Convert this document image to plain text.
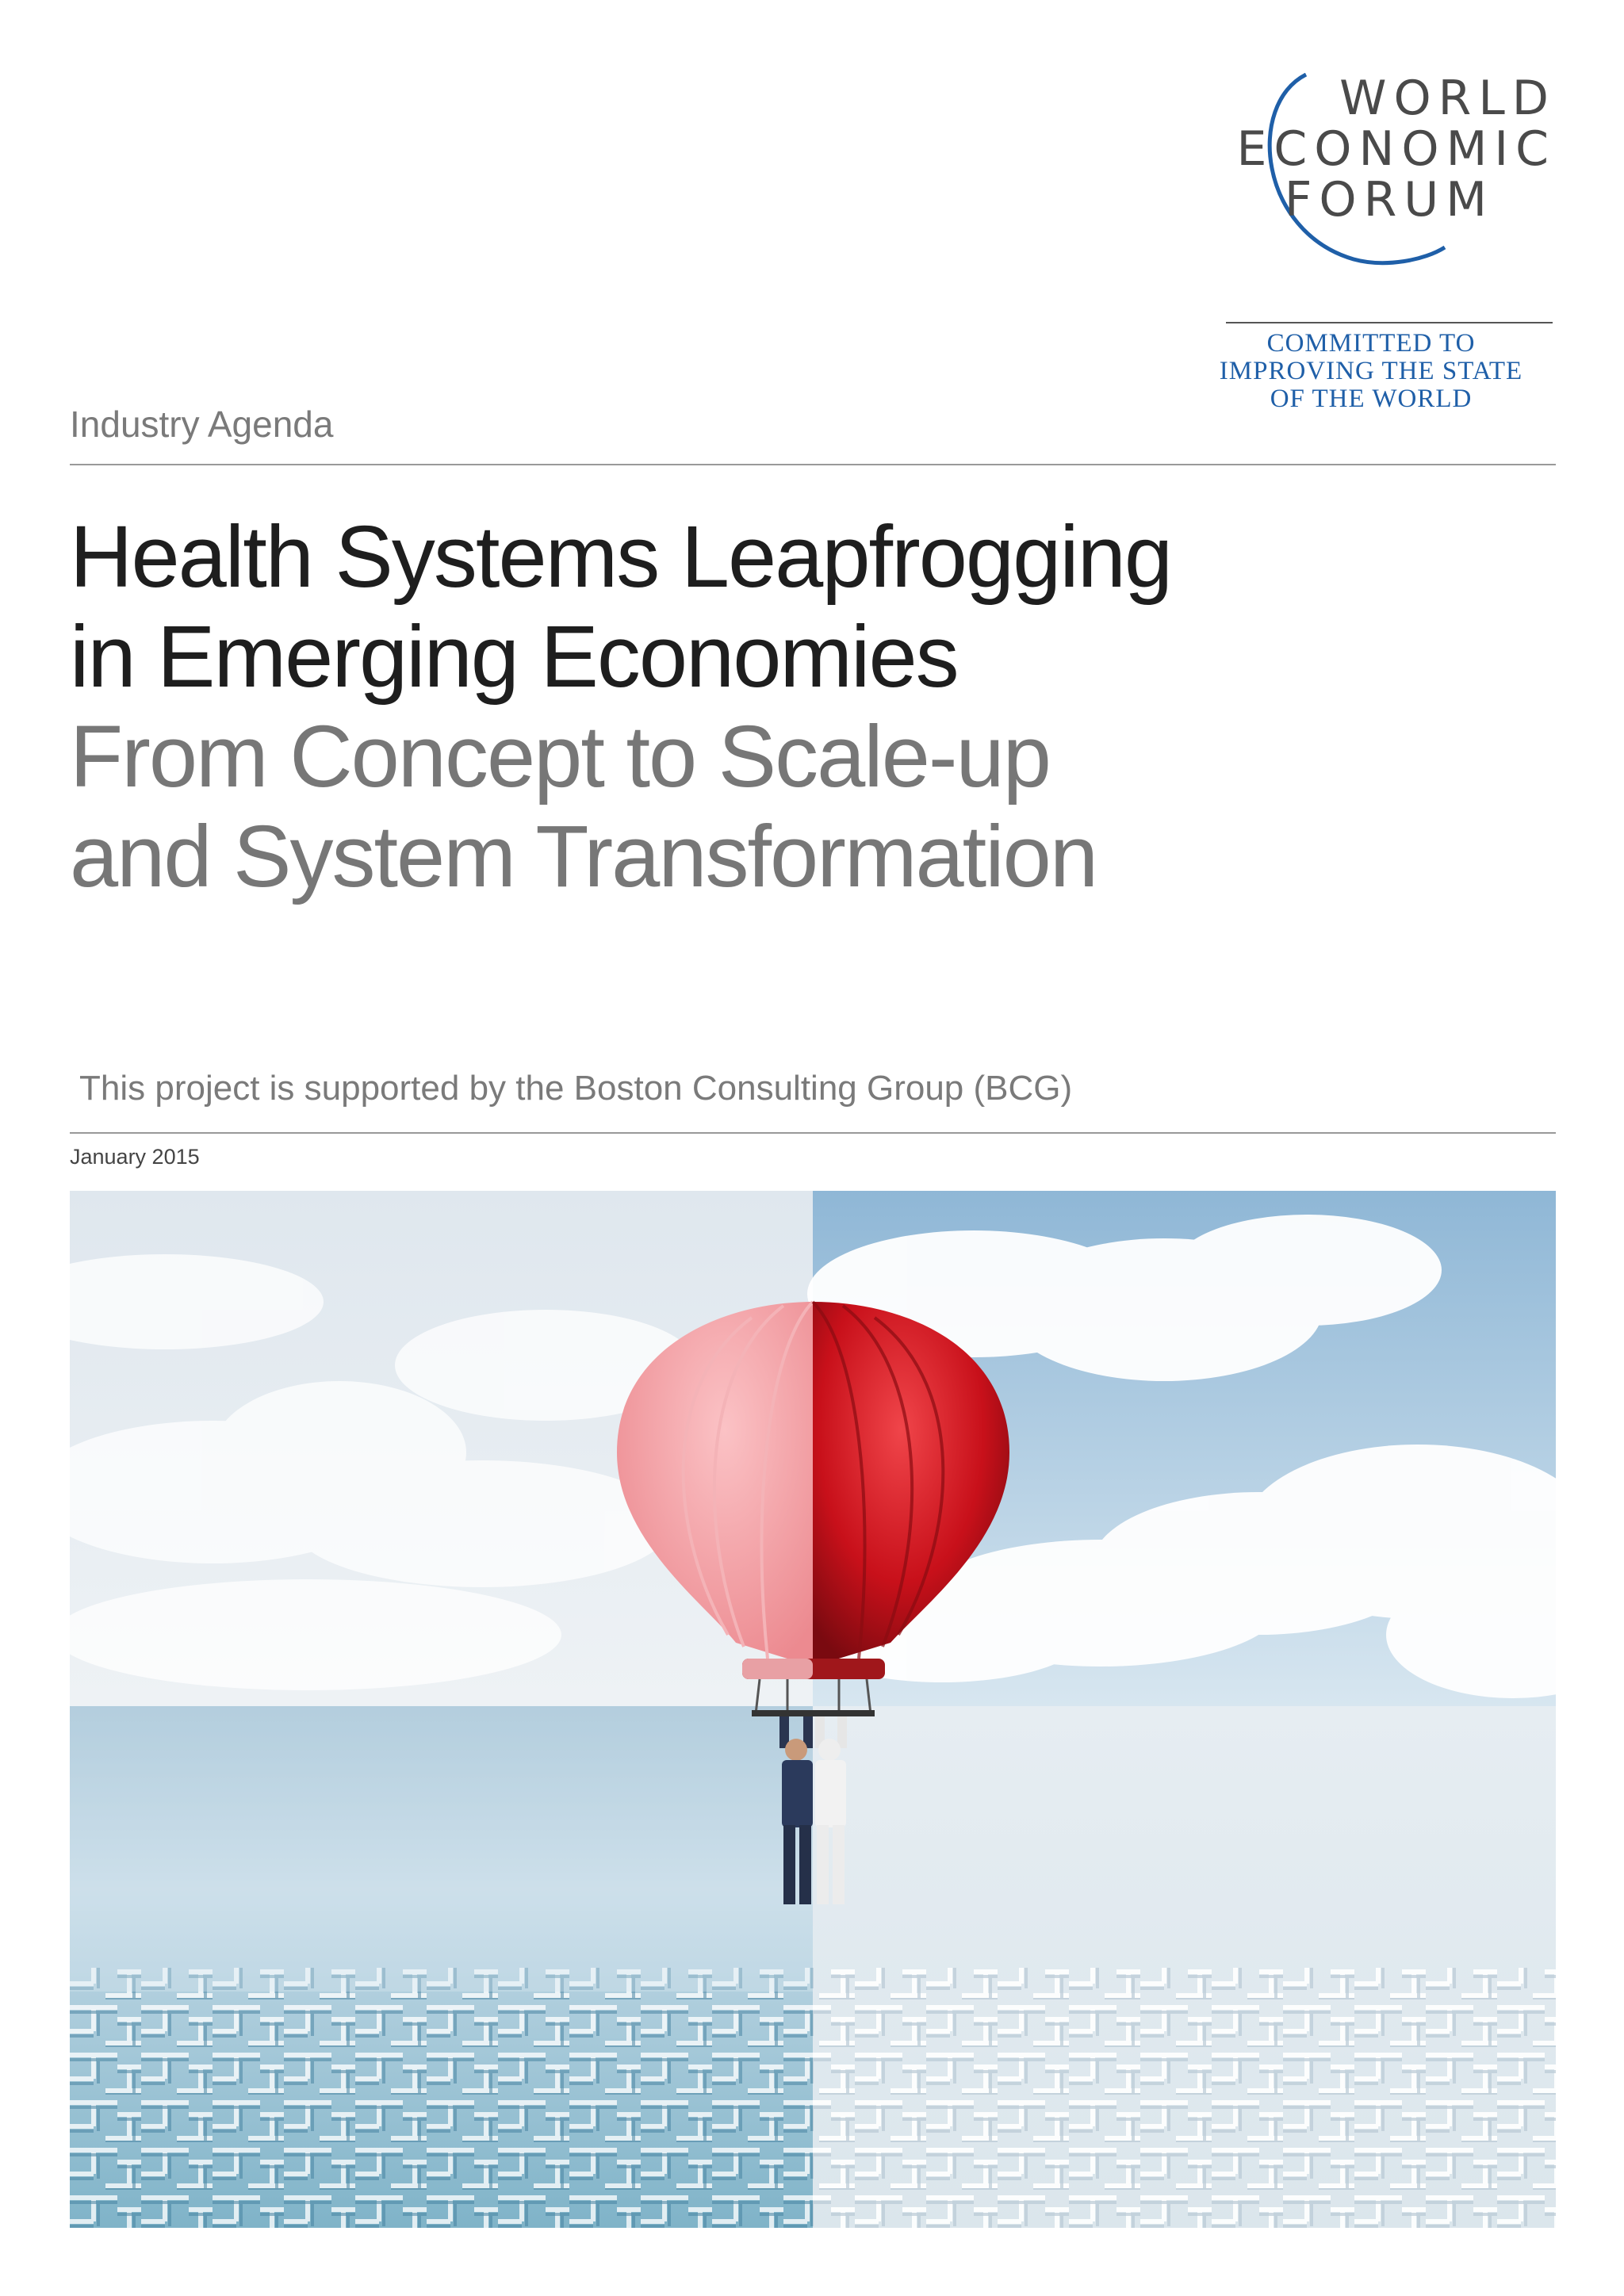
WORLD
ECONOMIC
FORUM
COMMITTED TO
IMPROVING THE STATE
OF THE WORLD
Industry Agenda
Health Systems Leapfrogging
in Emerging Economies
From Concept to Scale-up
and System Transformation
This project is supported by the Boston Consulting Group (BCG)
January 2015
